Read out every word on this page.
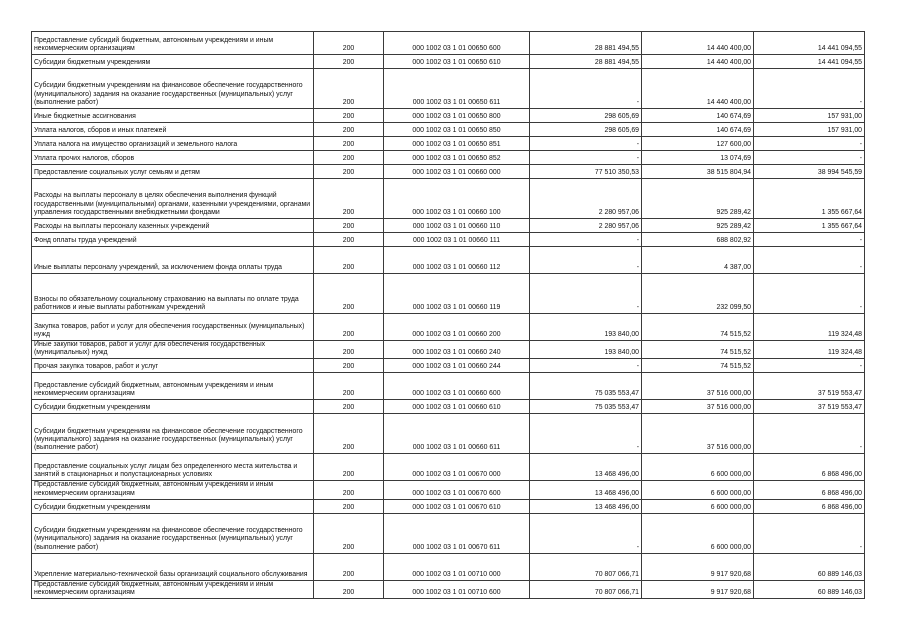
Предоставление субсидий бюджетным, автономным учреждениям и иным некоммерческим организациям	200	000 1002 03 1 01 00650 600	28 881 494,55	14 440 400,00	14 441 094,55
Субсидии бюджетным учреждениям	200	000 1002 03 1 01 00650 610	28 881 494,55	14 440 400,00	14 441 094,55
Субсидии бюджетным учреждениям на финансовое обеспечение государственного (муниципального) задания на оказание государственных (муниципальных) услуг (выполнение работ)	200	000 1002 03 1 01 00650 611	-	14 440 400,00	-
Иные бюджетные ассигнования	200	000 1002 03 1 01 00650 800	298 605,69	140 674,69	157 931,00
Уплата налогов, сборов и иных платежей	200	000 1002 03 1 01 00650 850	298 605,69	140 674,69	157 931,00
Уплата налога на имущество организаций и земельного налога	200	000 1002 03 1 01 00650 851	-	127 600,00	-
Уплата прочих налогов, сборов	200	000 1002 03 1 01 00650 852	-	13 074,69	-
Предоставление социальных услуг семьям и детям	200	000 1002 03 1 01 00660 000	77 510 350,53	38 515 804,94	38 994 545,59
Расходы на выплаты персоналу в целях обеспечения выполнения функций государственными (муниципальными) органами, казенными учреждениями, органами управления государственными внебюджетными фондами	200	000 1002 03 1 01 00660 100	2 280 957,06	925 289,42	1 355 667,64
Расходы на выплаты персоналу казенных учреждений	200	000 1002 03 1 01 00660 110	2 280 957,06	925 289,42	1 355 667,64
Фонд оплаты труда учреждений	200	000 1002 03 1 01 00660 111	-	688 802,92	-
Иные выплаты персоналу учреждений, за исключением фонда оплаты труда	200	000 1002 03 1 01 00660 112	-	4 387,00	-
Взносы по обязательному социальному страхованию на выплаты по оплате труда работников и иные выплаты работникам учреждений	200	000 1002 03 1 01 00660 119	-	232 099,50	-
Закупка товаров, работ и услуг для обеспечения государственных (муниципальных) нужд	200	000 1002 03 1 01 00660 200	193 840,00	74 515,52	119 324,48
Иные закупки товаров, работ и услуг для обеспечения государственных (муниципальных) нужд	200	000 1002 03 1 01 00660 240	193 840,00	74 515,52	119 324,48
Прочая закупка товаров, работ и услуг	200	000 1002 03 1 01 00660 244	-	74 515,52	-
Предоставление субсидий бюджетным, автономным учреждениям и иным некоммерческим организациям	200	000 1002 03 1 01 00660 600	75 035 553,47	37 516 000,00	37 519 553,47
Субсидии бюджетным учреждениям	200	000 1002 03 1 01 00660 610	75 035 553,47	37 516 000,00	37 519 553,47
Субсидии бюджетным учреждениям на финансовое обеспечение государственного (муниципального) задания на оказание государственных (муниципальных) услуг (выполнение работ)	200	000 1002 03 1 01 00660 611	-	37 516 000,00	-
Предоставление социальных услуг лицам без определенного места жительства и занятий в стационарных и полустационарных условиях	200	000 1002 03 1 01 00670 000	13 468 496,00	6 600 000,00	6 868 496,00
Предоставление субсидий бюджетным, автономным учреждениям и иным некоммерческим организациям	200	000 1002 03 1 01 00670 600	13 468 496,00	6 600 000,00	6 868 496,00
Субсидии бюджетным учреждениям	200	000 1002 03 1 01 00670 610	13 468 496,00	6 600 000,00	6 868 496,00
Субсидии бюджетным учреждениям на финансовое обеспечение государственного (муниципального) задания на оказание государственных (муниципальных) услуг (выполнение работ)	200	000 1002 03 1 01 00670 611	-	6 600 000,00	-
Укрепление материально-технической базы организаций социального обслуживания	200	000 1002 03 1 01 00710 000	70 807 066,71	9 917 920,68	60 889 146,03
Предоставление субсидий бюджетным, автономным учреждениям и иным некоммерческим организациям	200	000 1002 03 1 01 00710 600	70 807 066,71	9 917 920,68	60 889 146,03
